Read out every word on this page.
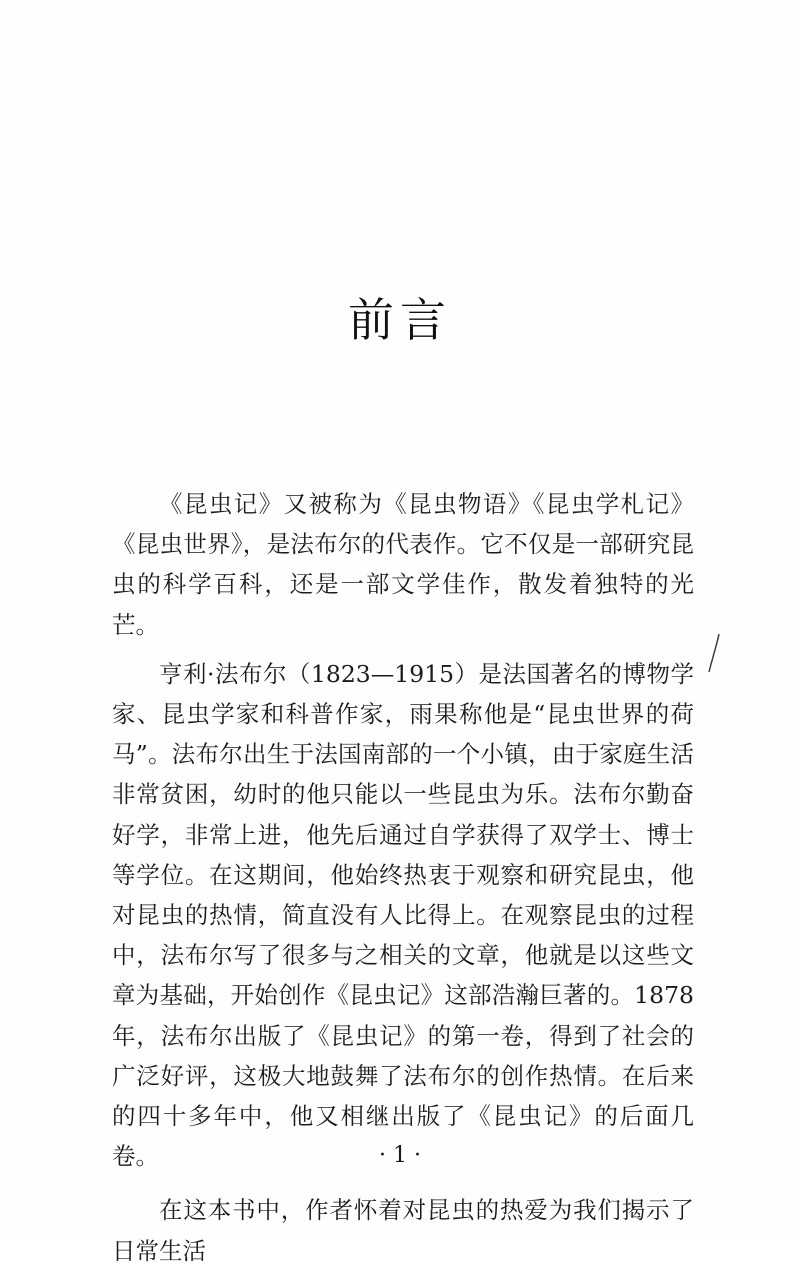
前言

《昆虫记》又被称为《昆虫物语》《昆虫学札记》《昆虫世界》，是法布尔的代表作。它不仅是一部研究昆虫的科学百科，还是一部文学佳作，散发着独特的光芒。

亨利·法布尔（1823—1915）是法国著名的博物学家、昆虫学家和科普作家，雨果称他是“昆虫世界的荷马”。法布尔出生于法国南部的一个小镇，由于家庭生活非常贫困，幼时的他只能以一些昆虫为乐。法布尔勤奋好学，非常上进，他先后通过自学获得了双学士、博士等学位。在这期间，他始终热衷于观察和研究昆虫，他对昆虫的热情，简直没有人比得上。在观察昆虫的过程中，法布尔写了很多与之相关的文章，他就是以这些文章为基础，开始创作《昆虫记》这部浩瀚巨著的。1878 年，法布尔出版了《昆虫记》的第一卷，得到了社会的广泛好评，这极大地鼓舞了法布尔的创作热情。在后来的四十多年中，他又相继出版了《昆虫记》的后面几卷。

在这本书中，作者怀着对昆虫的热爱为我们揭示了日常生活

· 1 ·
